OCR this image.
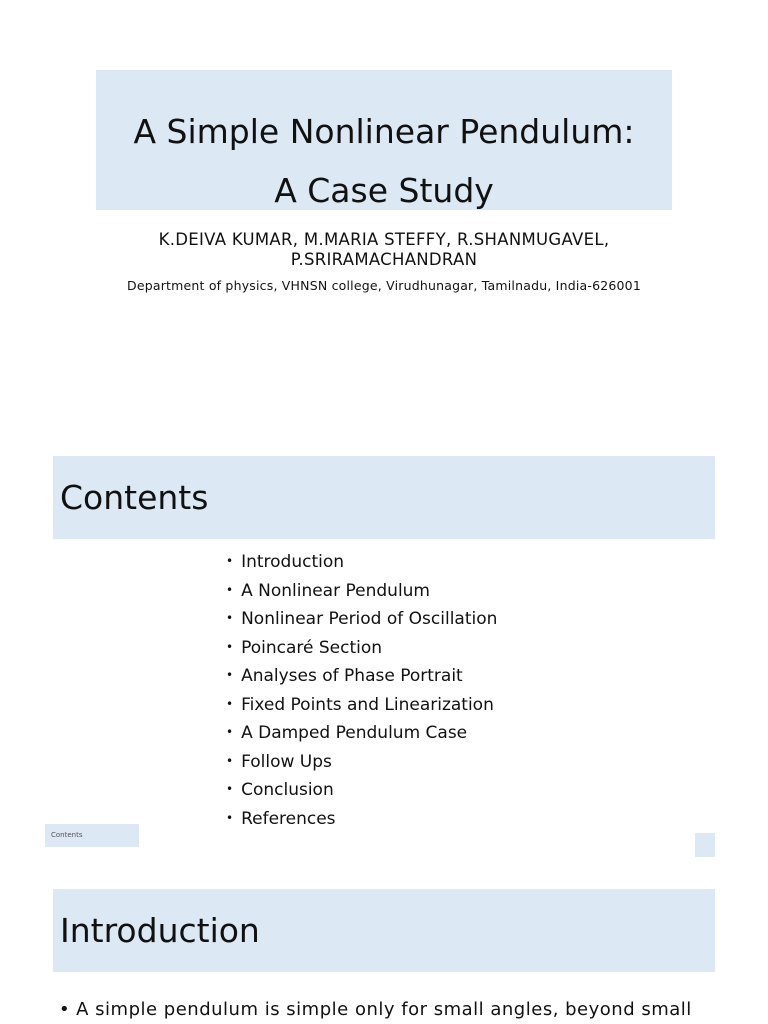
A Simple Nonlinear Pendulum:
A Case Study
K.DEIVA KUMAR, M.MARIA STEFFY, R.SHANMUGAVEL,
P.SRIRAMACHANDRAN
Department of physics, VHNSN college, Virudhunagar, Tamilnadu, India-626001
Contents
• Introduction
• A Nonlinear Pendulum
• Nonlinear Period of Oscillation
• Poincaré Section
• Analyses of Phase Portrait
• Fixed Points and Linearization
• A Damped Pendulum Case
• Follow Ups
• Conclusion
• References
Contents
Introduction
• A simple pendulum is simple only for small angles, beyond small
